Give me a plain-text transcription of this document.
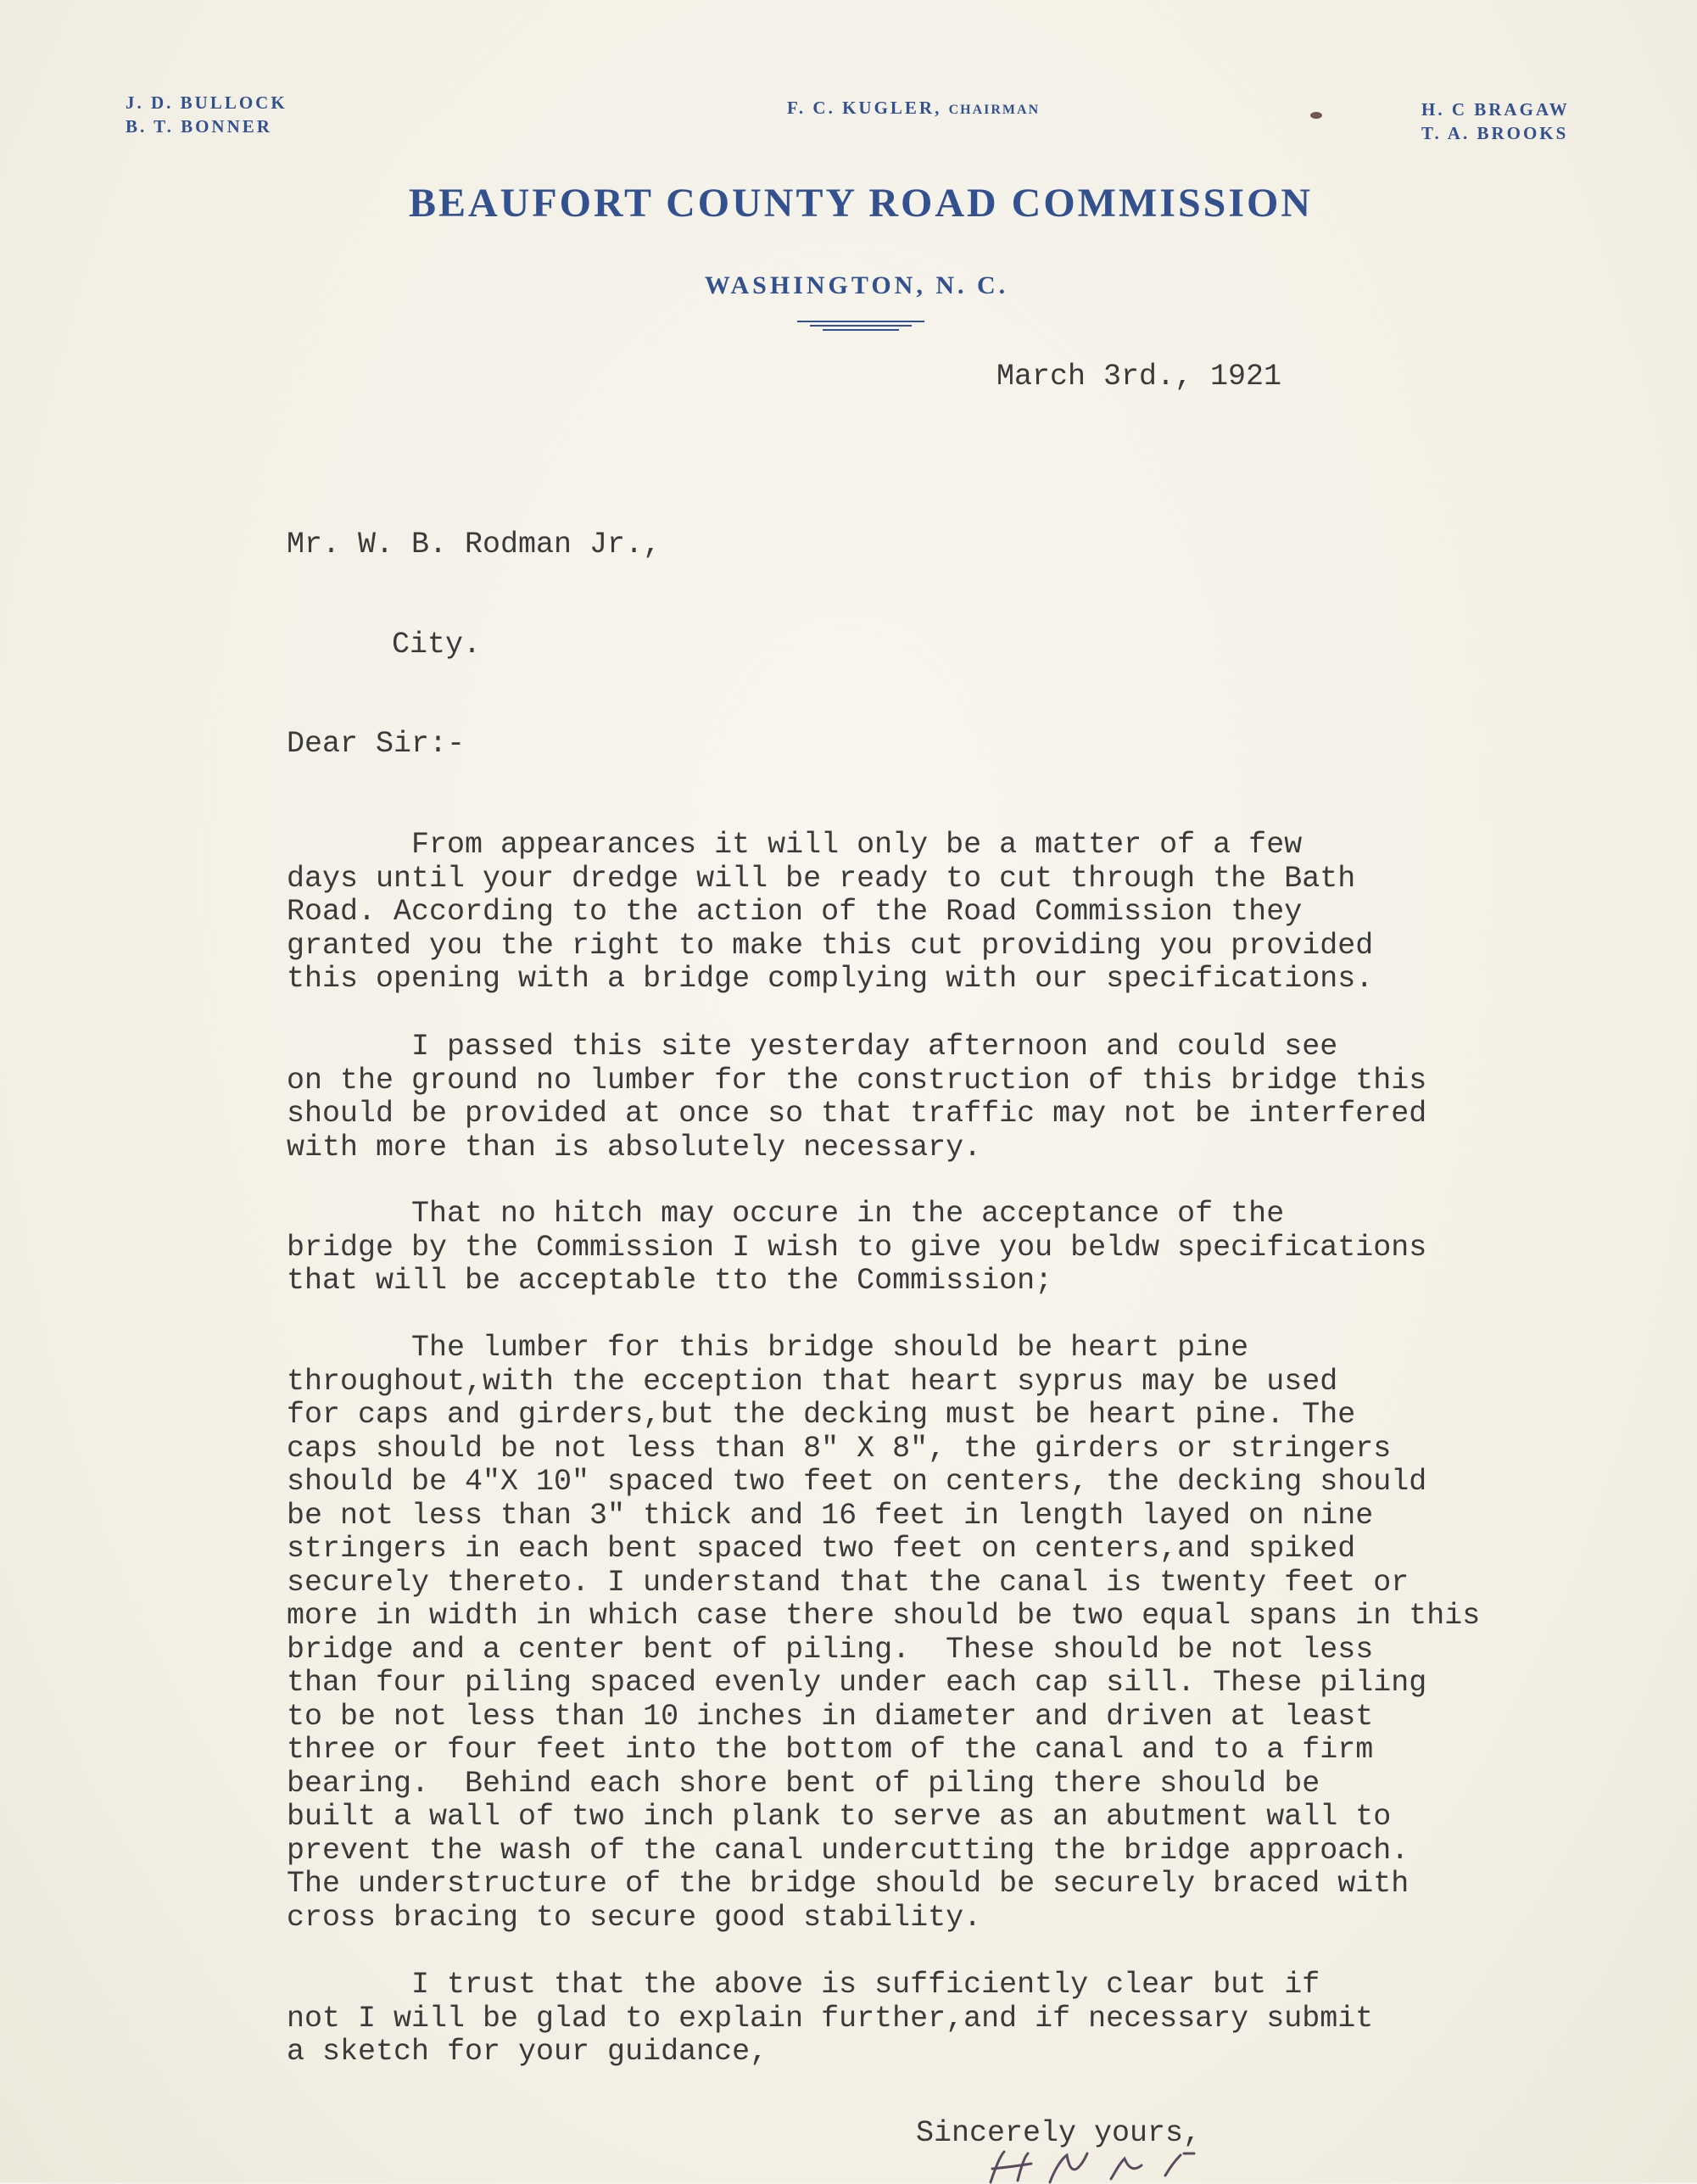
J. D. BULLOCK
B. T. BONNER
F. C. KUGLER, CHAIRMAN	H. C BRAGAW
T. A. BROOKS
BEAUFORT COUNTY ROAD COMMISSION
WASHINGTON, N. C.
March 3rd., 1921
Mr. W. B. Rodman Jr.,
City.
Dear Sir:-
From appearances it will only be a matter of a few
days until your dredge will be ready to cut through the Bath
Road. According to the action of the Road Commission they
granted you the right to make this cut providing you provided
this opening with a bridge complying with our specifications.
I passed this site yesterday afternoon and could see
on the ground no lumber for the construction of this bridge this
should be provided at once so that traffic may not be interfered
with more than is absolutely necessary.
That no hitch may occure in the acceptance of the
bridge by the Commission I wish to give you beldw specifications
that will be acceptable tto the Commission;
The lumber for this bridge should be heart pine
throughout,with the ecception that heart syprus may be used
for caps and girders,but the decking must be heart pine. The
caps should be not less than 8" X 8", the girders or stringers
should be 4"X 10" spaced two feet on centers, the decking should
be not less than 3" thick and 16 feet in length layed on nine
stringers in each bent spaced two feet on centers,and spiked
securely thereto. I understand that the canal is twenty feet or
more in width in which case there should be two equal spans in this
bridge and a center bent of piling.  These should be not less
than four piling spaced evenly under each cap sill. These piling
to be not less than 10 inches in diameter and driven at least
three or four feet into the bottom of the canal and to a firm
bearing.  Behind each shore bent of piling there should be
built a wall of two inch plank to serve as an abutment wall to
prevent the wash of the canal undercutting the bridge approach.
The understructure of the bridge should be securely braced with
cross bracing to secure good stability.
I trust that the above is sufficiently clear but if
not I will be glad to explain further,and if necessary submit
a sketch for your guidance,
Sincerely yours,
